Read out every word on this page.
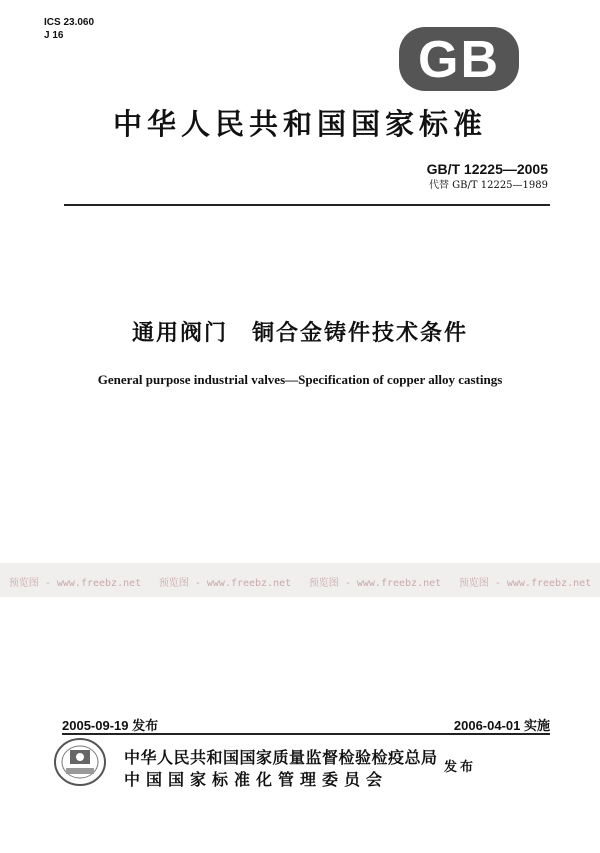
ICS 23.060
J 16	GB
中华人民共和国国家标准
GB/T 12225—2005
代替 GB/T 12225—1989
通用阀门　铜合金铸件技术条件
General purpose industrial valves—Specification of copper alloy castings
预览图 - www.freebz.net 预览图 - www.freebz.net 预览图 - www.freebz.net 预览图 - www.freebz.net
2005-09-19 发布	2006-04-01 实施
中华人民共和国国家质量监督检验检疫总局
中国国家标准化管理委员会
发布
